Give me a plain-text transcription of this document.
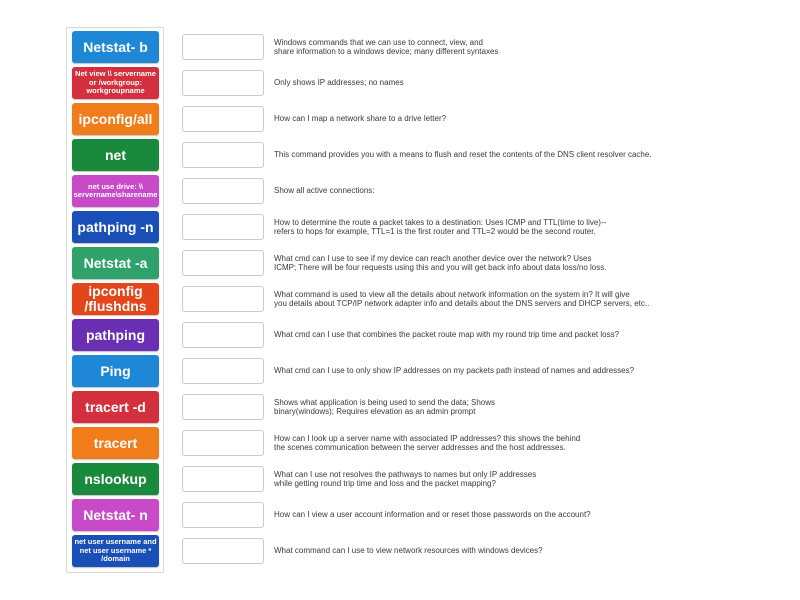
Netstat- b
Net view \\ servername or /workgroup: workgroupname
ipconfig/all
net
net use drive: \\ servername\sharename
pathping -n
Netstat -a
ipconfig /flushdns
pathping
Ping
tracert -d
tracert
nslookup
Netstat- n
net user username and net user username * /domain
Windows commands that we can use to connect, view, and
share information to a windows device; many different syntaxes
Only shows IP addresses; no names
How can I map a network share to a drive letter?
This command provides you with a means to flush and reset the contents of the DNS client resolver cache.
Show all active connections:
How to determine the route a packet takes to a destination: Uses ICMP and TTL(time to live)--
refers to hops for example, TTL=1 is the first router and TTL=2 would be the second router.
What cmd can I use to see if my device can reach another device over the network? Uses
ICMP; There will be four requests using this and you will get back info about data loss/no loss.
What command is used to view all the details about network information on the system in? It will give
you details about TCP/IP network adapter info and details about the DNS servers and DHCP servers, etc..
What cmd can I use that combines the packet route map with my round trip time and packet loss?
What cmd can I use to only show IP addresses on my packets path instead of names and addresses?
Shows what application is being used to send the data; Shows
binary(windows); Requires elevation as an admin prompt
How can I look up a server name with associated IP addresses? this shows the behind
the scenes communication between the server addresses and the host addresses.
What can I use not resolves the pathways to names but only IP addresses
while getting round trip time and loss and the packet mapping?
How can I view a user account information and or reset those passwords on the account?
What command can I use to view network resources with windows devices?
